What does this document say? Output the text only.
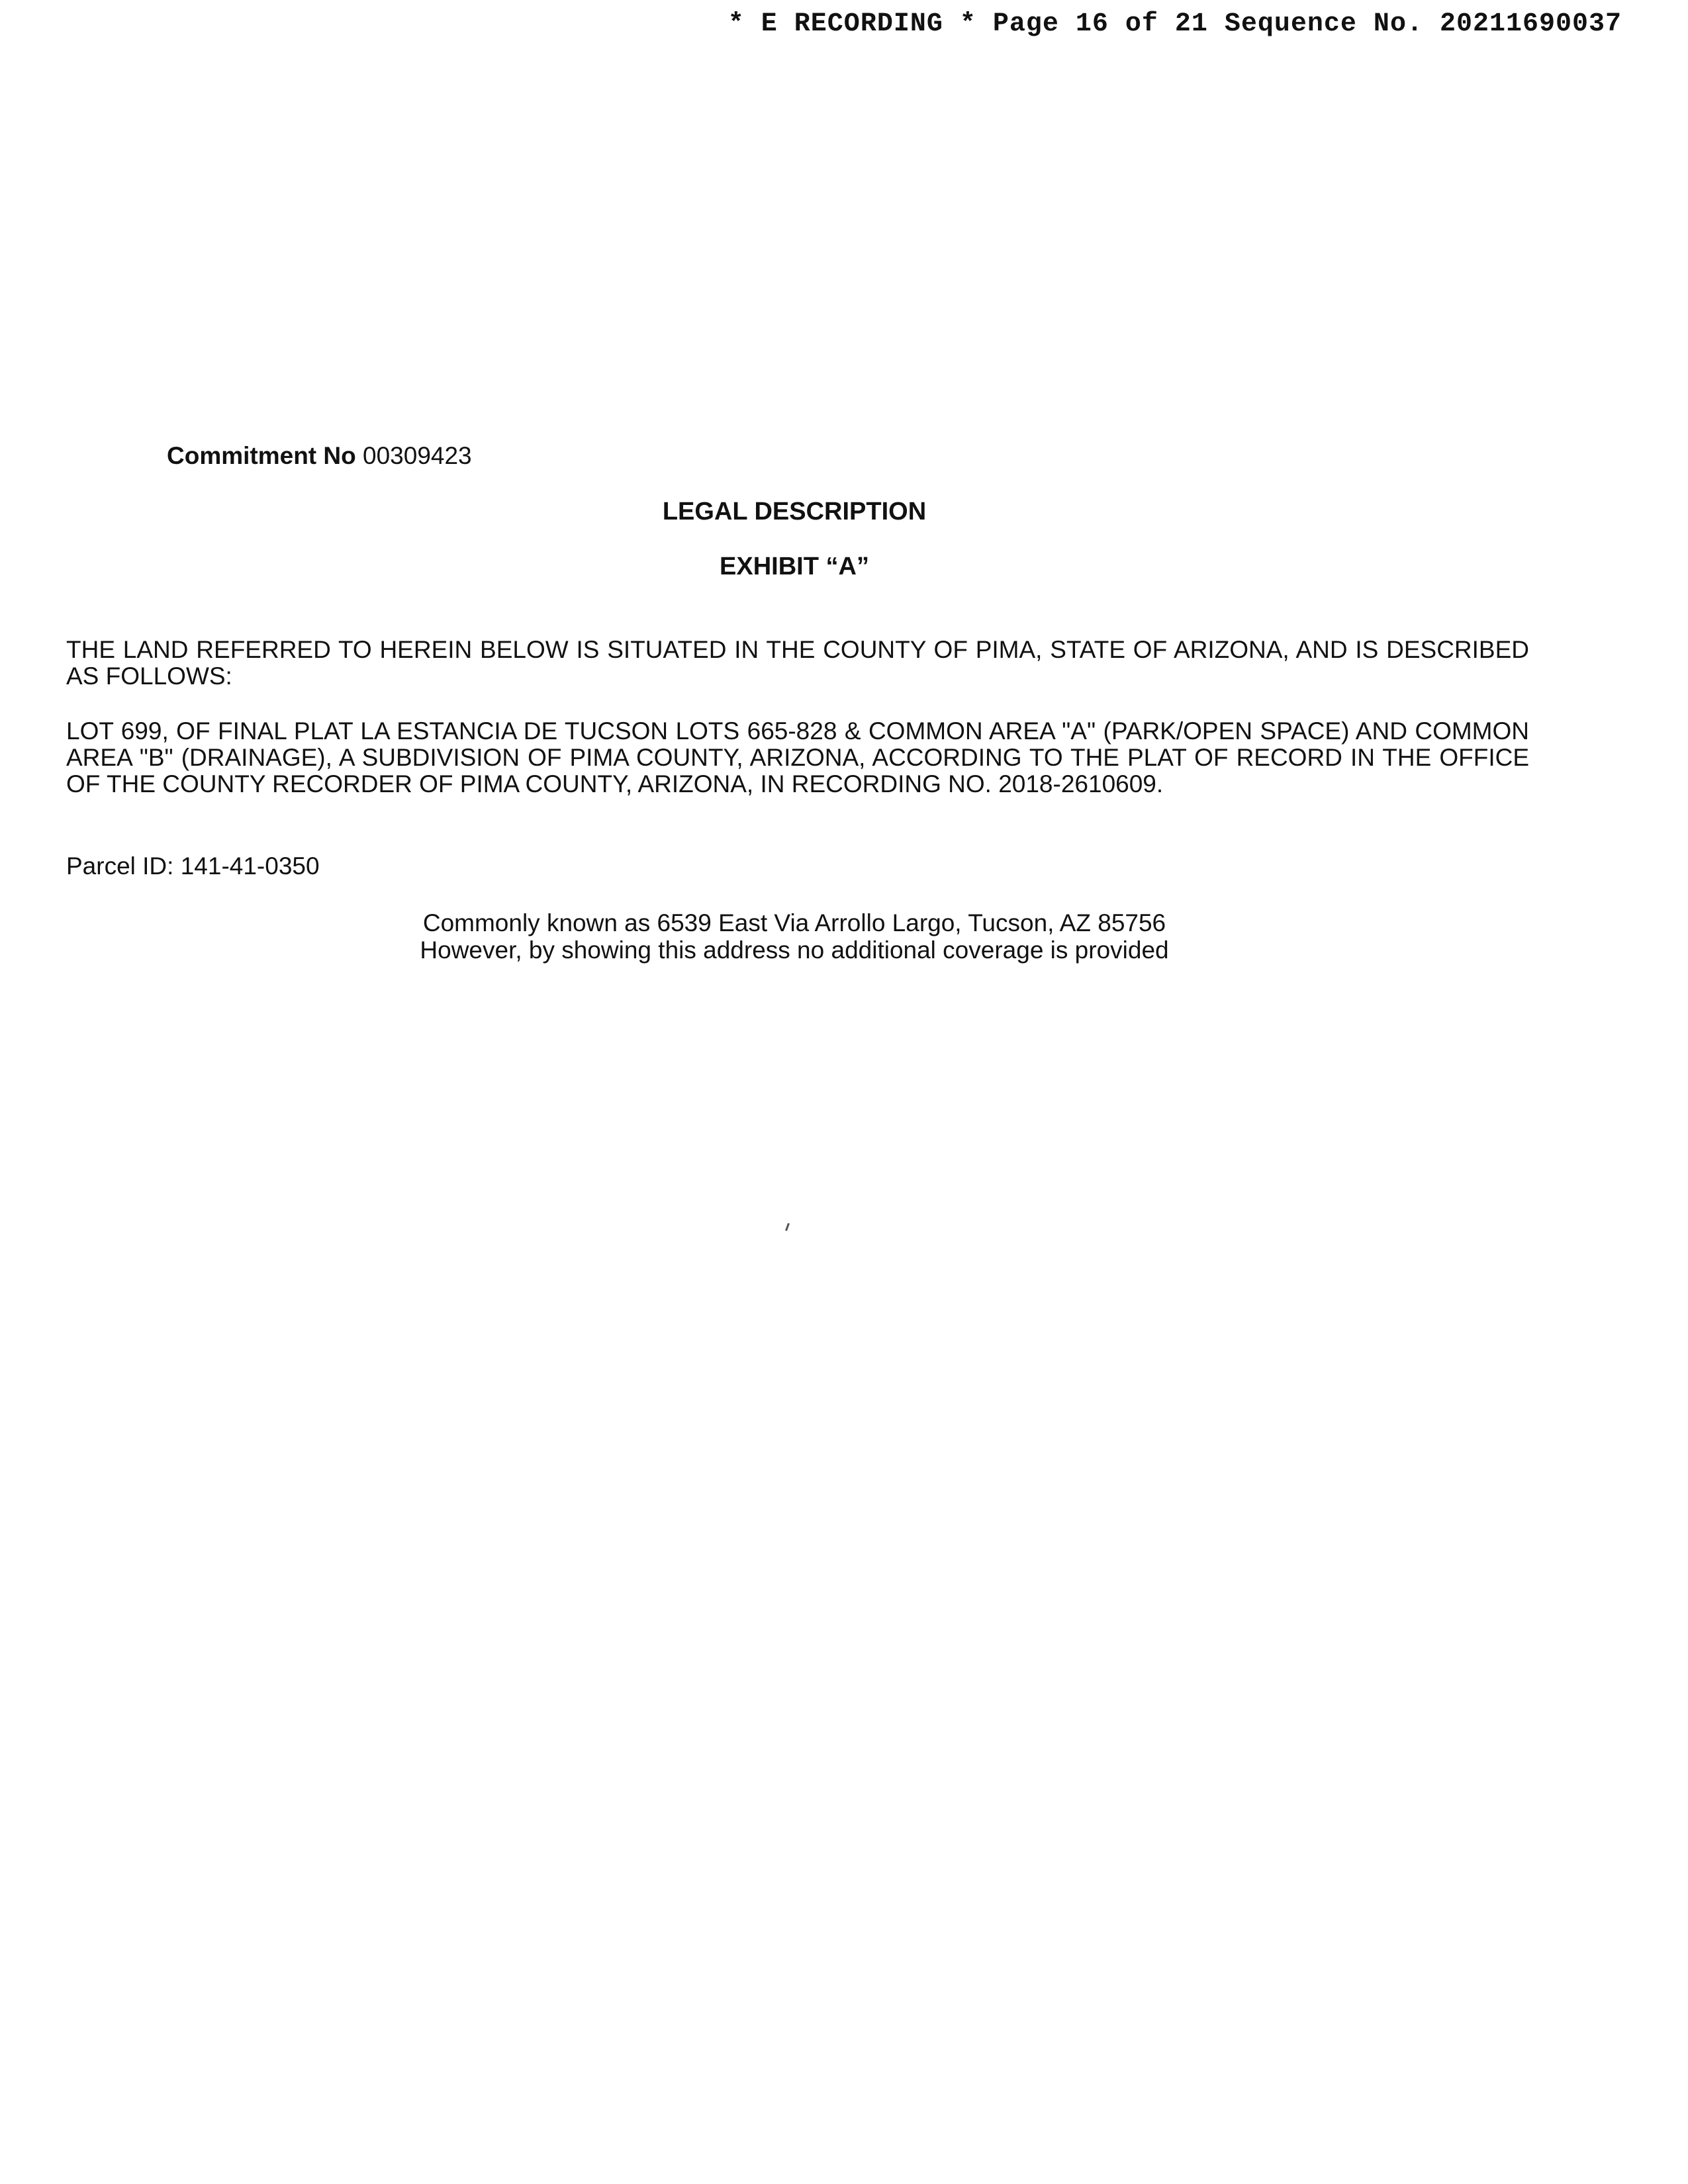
* E RECORDING * Page 16 of 21 Sequence No. 20211690037
Commitment No 00309423
LEGAL DESCRIPTION
EXHIBIT “A”

THE LAND REFERRED TO HEREIN BELOW IS SITUATED IN THE COUNTY OF PIMA, STATE OF ARIZONA, AND IS DESCRIBED AS FOLLOWS:

LOT 699, OF FINAL PLAT LA ESTANCIA DE TUCSON LOTS 665-828 & COMMON AREA "A" (PARK/OPEN SPACE) AND COMMON AREA "B" (DRAINAGE), A SUBDIVISION OF PIMA COUNTY, ARIZONA, ACCORDING TO THE PLAT OF RECORD IN THE OFFICE OF THE COUNTY RECORDER OF PIMA COUNTY, ARIZONA, IN RECORDING NO. 2018-2610609.

Parcel ID: 141-41-0350
Commonly known as 6539 East Via Arrollo Largo, Tucson, AZ 85756
However, by showing this address no additional coverage is provided
